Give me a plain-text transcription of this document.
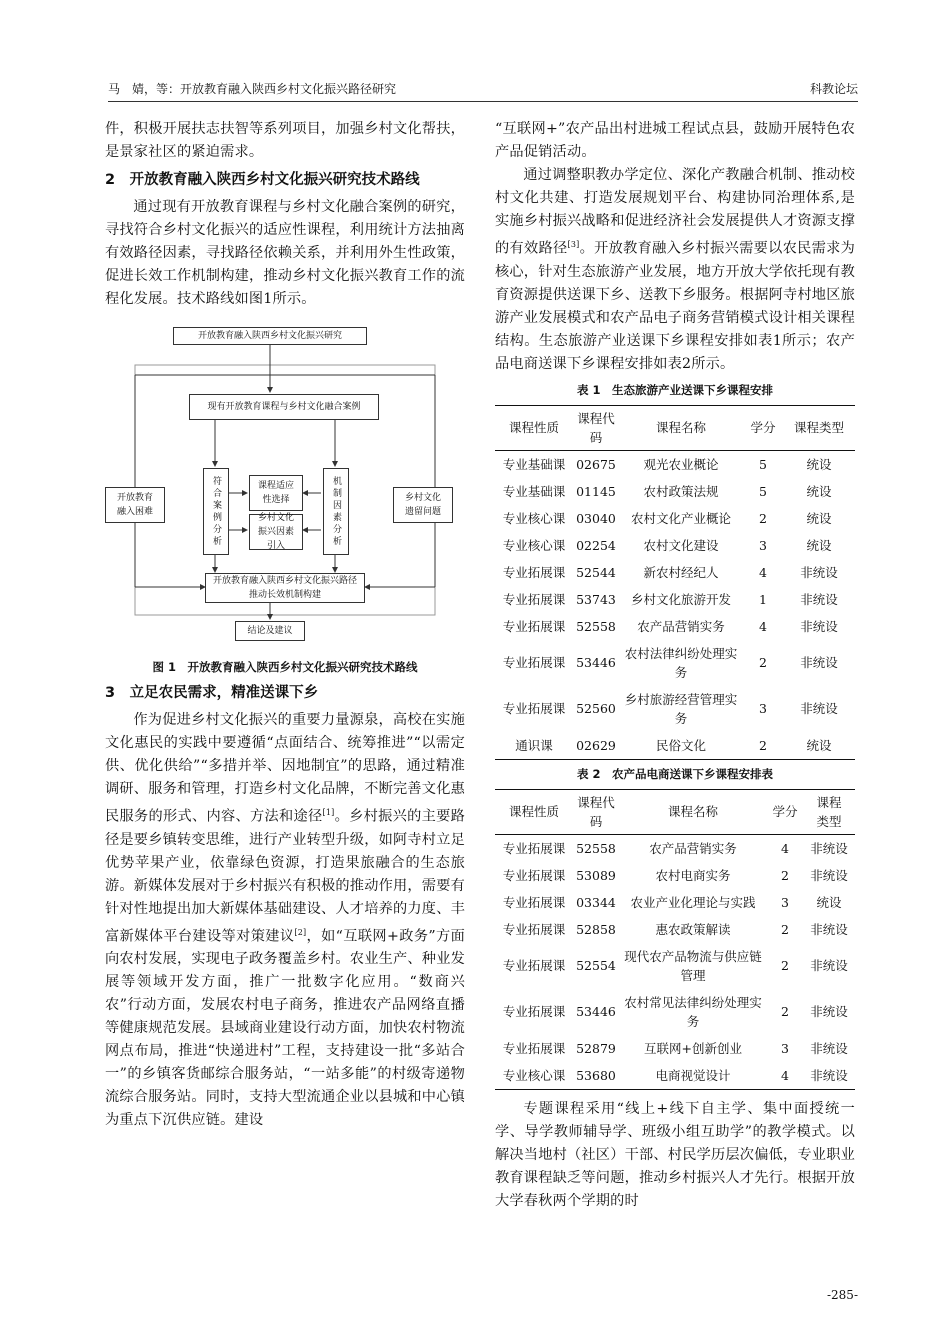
马　婧，等：开放教育融入陕西乡村文化振兴路径研究	科教论坛

件，积极开展扶志扶智等系列项目，加强乡村文化帮扶，是景家社区的紧迫需求。

2　开放教育融入陕西乡村文化振兴研究技术路线

通过现有开放教育课程与乡村文化融合案例的研究，寻找符合乡村文化振兴的适应性课程，利用统计方法抽离有效路径因素，寻找路径依赖关系，并利用外生性政策，促进长效工作机制构建，推动乡村文化振兴教育工作的流程化发展。技术路线如图1所示。

开放教育融入陕西乡村文化振兴研究
现有开放教育课程与乡村文化融合案例
开放教育融入困难	符合案例分析	课程适应性选择
乡村文化振兴因素引入	机制因素分析	乡村文化遗留问题
开放教育融入陕西乡村文化振兴路径推动长效机制构建
结论及建议
图 1　开放教育融入陕西乡村文化振兴研究技术路线
3　立足农民需求，精准送课下乡

作为促进乡村文化振兴的重要力量源泉，高校在实施文化惠民的实践中要遵循“点面结合、统筹推进”“以需定供、优化供给”“多措并举、因地制宜”的思路，通过精准调研、服务和管理，打造乡村文化品牌，不断完善文化惠民服务的形式、内容、方法和途径[1]。乡村振兴的主要路径是要乡镇转变思维，进行产业转型升级，如阿寺村立足优势苹果产业，依靠绿色资源，打造果旅融合的生态旅游。新媒体发展对于乡村振兴有积极的推动作用，需要有针对性地提出加大新媒体基础建设、人才培养的力度、丰富新媒体平台建设等对策建议[2]，如“互联网+政务”方面向农村发展，实现电子政务覆盖乡村。农业生产、种业发展等领域开发方面，推广一批数字化应用。“数商兴农”行动方面，发展农村电子商务，推进农产品网络直播等健康规范发展。县域商业建设行动方面，加快农村物流网点布局，推进“快递进村”工程，支持建设一批“多站合一”的乡镇客货邮综合服务站，“一站多能”的村级寄递物流综合服务站。同时，支持大型流通企业以县城和中心镇为重点下沉供应链。建设

“互联网+”农产品出村进城工程试点县，鼓励开展特色农产品促销活动。

通过调整职教办学定位、深化产教融合机制、推动校村文化共建、打造发展规划平台、构建协同治理体系,是实施乡村振兴战略和促进经济社会发展提供人才资源支撑的有效路径[3]。开放教育融入乡村振兴需要以农民需求为核心，针对生态旅游产业发展，地方开放大学依托现有教育资源提供送课下乡、送教下乡服务。根据阿寺村地区旅游产业发展模式和农产品电子商务营销模式设计相关课程结构。生态旅游产业送课下乡课程安排如表1所示；农产品电商送课下乡课程安排如表2所示。

表 1　生态旅游产业送课下乡课程安排
课程性质	课程代码	课程名称	学分	课程类型
专业基础课	02675	观光农业概论	5	统设
专业基础课	01145	农村政策法规	5	统设
专业核心课	03040	农村文化产业概论	2	统设
专业核心课	02254	农村文化建设	3	统设
专业拓展课	52544	新农村经纪人	4	非统设
专业拓展课	53743	乡村文化旅游开发	1	非统设
专业拓展课	52558	农产品营销实务	4	非统设
专业拓展课	53446	农村法律纠纷处理实务	2	非统设
专业拓展课	52560	乡村旅游经营管理实务	3	非统设
通识课	02629	民俗文化	2	统设
表 2　农产品电商送课下乡课程安排表
课程性质	课程代码	课程名称	学分	课程类型
专业拓展课	52558	农产品营销实务	4	非统设
专业拓展课	53089	农村电商实务	2	非统设
专业拓展课	03344	农业产业化理论与实践	3	统设
专业拓展课	52858	惠农政策解读	2	非统设
专业拓展课	52554	现代农产品物流与供应链管理	2	非统设
专业拓展课	53446	农村常见法律纠纷处理实务	2	非统设
专业拓展课	52879	互联网+创新创业	3	非统设
专业核心课	53680	电商视觉设计	4	非统设

专题课程采用“线上+线下自主学、集中面授统一学、导学教师辅导学、班级小组互助学”的教学模式。以解决当地村（社区）干部、村民学历层次偏低，专业职业教育课程缺乏等问题，推动乡村振兴人才先行。根据开放大学春秋两个学期的时

-285-
